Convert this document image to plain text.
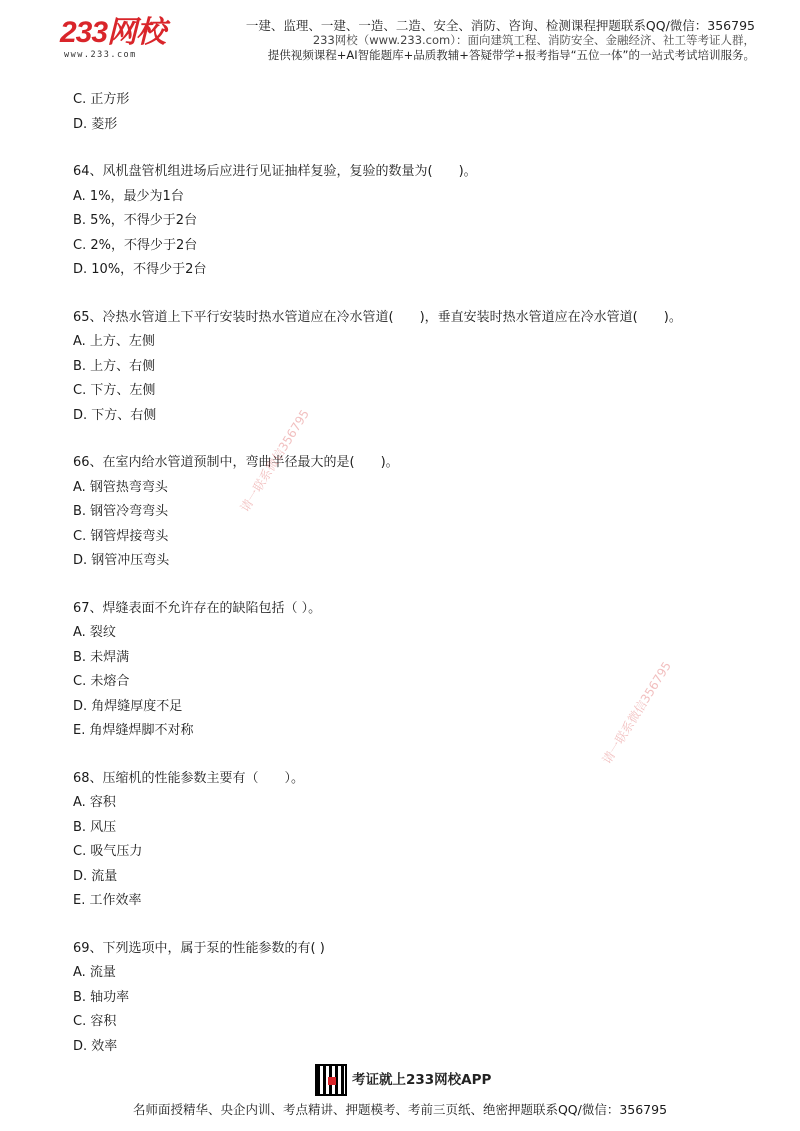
233网校
www.233.com
一建、监理、一建、一造、二造、安全、消防、咨询、检测课程押题联系QQ/微信：356795
233网校（www.233.com）：面向建筑工程、消防安全、金融经济、社工等考证人群，
提供视频课程+AI智能题库+品质教辅+答疑带学+报考指导“五位一体”的一站式考试培训服务。
C. 正方形
D. 菱形
64、风机盘管机组进场后应进行见证抽样复验，复验的数量为(　　)。
A. 1%，最少为1台
B. 5%，不得少于2台
C. 2%，不得少于2台
D. 10%，不得少于2台
65、冷热水管道上下平行安装时热水管道应在冷水管道(　　)，垂直安装时热水管道应在冷水管道(　　)。
A. 上方、左侧
B. 上方、右侧
C. 下方、左侧
D. 下方、右侧
66、在室内给水管道预制中，弯曲半径最大的是(　　)。
A. 钢管热弯弯头
B. 钢管冷弯弯头
C. 钢管焊接弯头
D. 钢管冲压弯头
67、焊缝表面不允许存在的缺陷包括（ ）。
A. 裂纹
B. 未焊满
C. 未熔合
D. 角焊缝厚度不足
E. 角焊缝焊脚不对称
68、压缩机的性能参数主要有（　　）。
A. 容积
B. 风压
C. 吸气压力
D. 流量
E. 工作效率
69、下列选项中，属于泵的性能参数的有( )
A. 流量
B. 轴功率
C. 容积
D. 效率
请一联系微信356795
请一联系微信356795
考证就上233网校APP
名师面授精华、央企内训、考点精讲、押题模考、考前三页纸、绝密押题联系QQ/微信：356795
